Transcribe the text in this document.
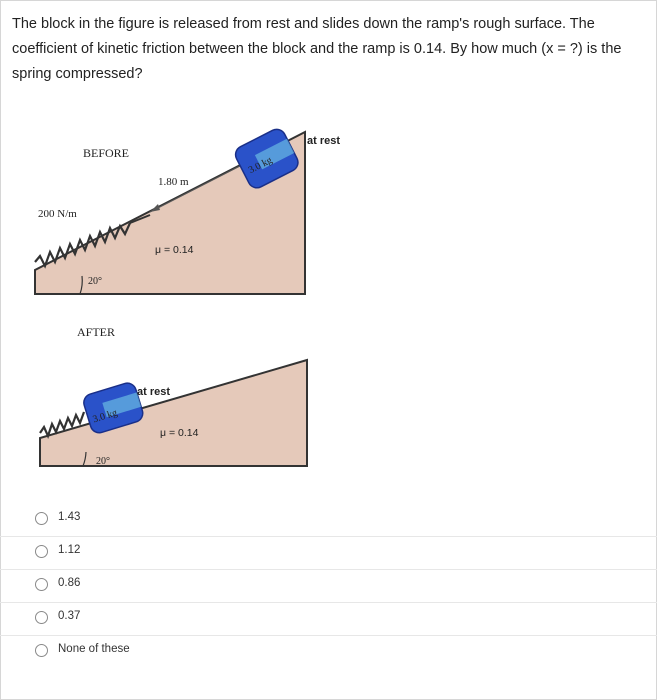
The block in the figure is released from rest and slides down the ramp's rough surface. The coefficient of kinetic friction between the block and the ramp is 0.14. By how much (x = ?) is the spring compressed?
3.0 kg
at rest
BEFORE
1.80 m
200 N/m
μ = 0.14
20°
AFTER
3.0 kg
at rest
μ = 0.14
20°
1.43
1.12
0.86
0.37
None of these
